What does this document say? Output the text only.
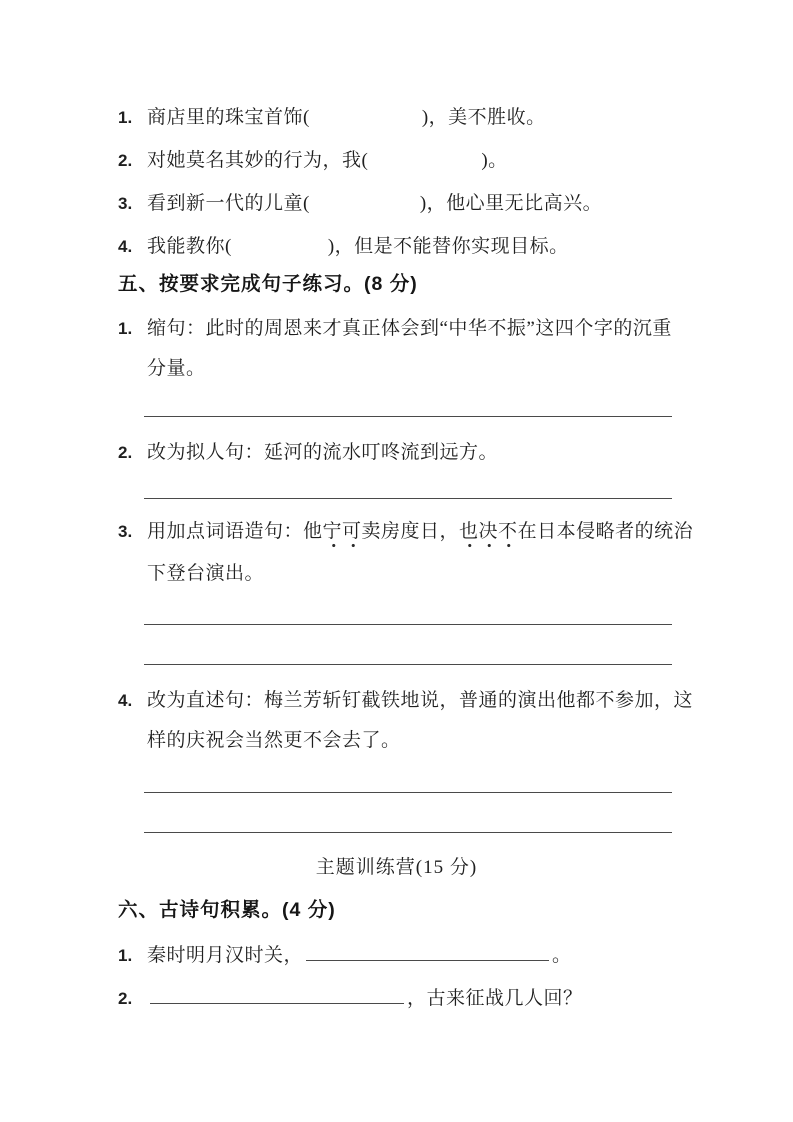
1. 商店里的珠宝首饰(	)，美不胜收。
2. 对她莫名其妙的行为，我(	)。
3. 看到新一代的儿童(	)，他心里无比高兴。
4. 我能教你(	)，但是不能替你实现目标。
五、按要求完成句子练习。(8 分)
1. 缩句：此时的周恩来才真正体会到“中华不振”这四个字的沉重
分量。
2. 改为拟人句：延河的流水叮咚流到远方。
3. 用加点词语造句：他宁可卖房度日，也决不在日本侵略者的统治
下登台演出。
4. 改为直述句：梅兰芳斩钉截铁地说，普通的演出他都不参加，这
样的庆祝会当然更不会去了。
主题训练营(15 分)
六、古诗句积累。(4 分)
1. 秦时明月汉时关，	。
2.	，古来征战几人回？
